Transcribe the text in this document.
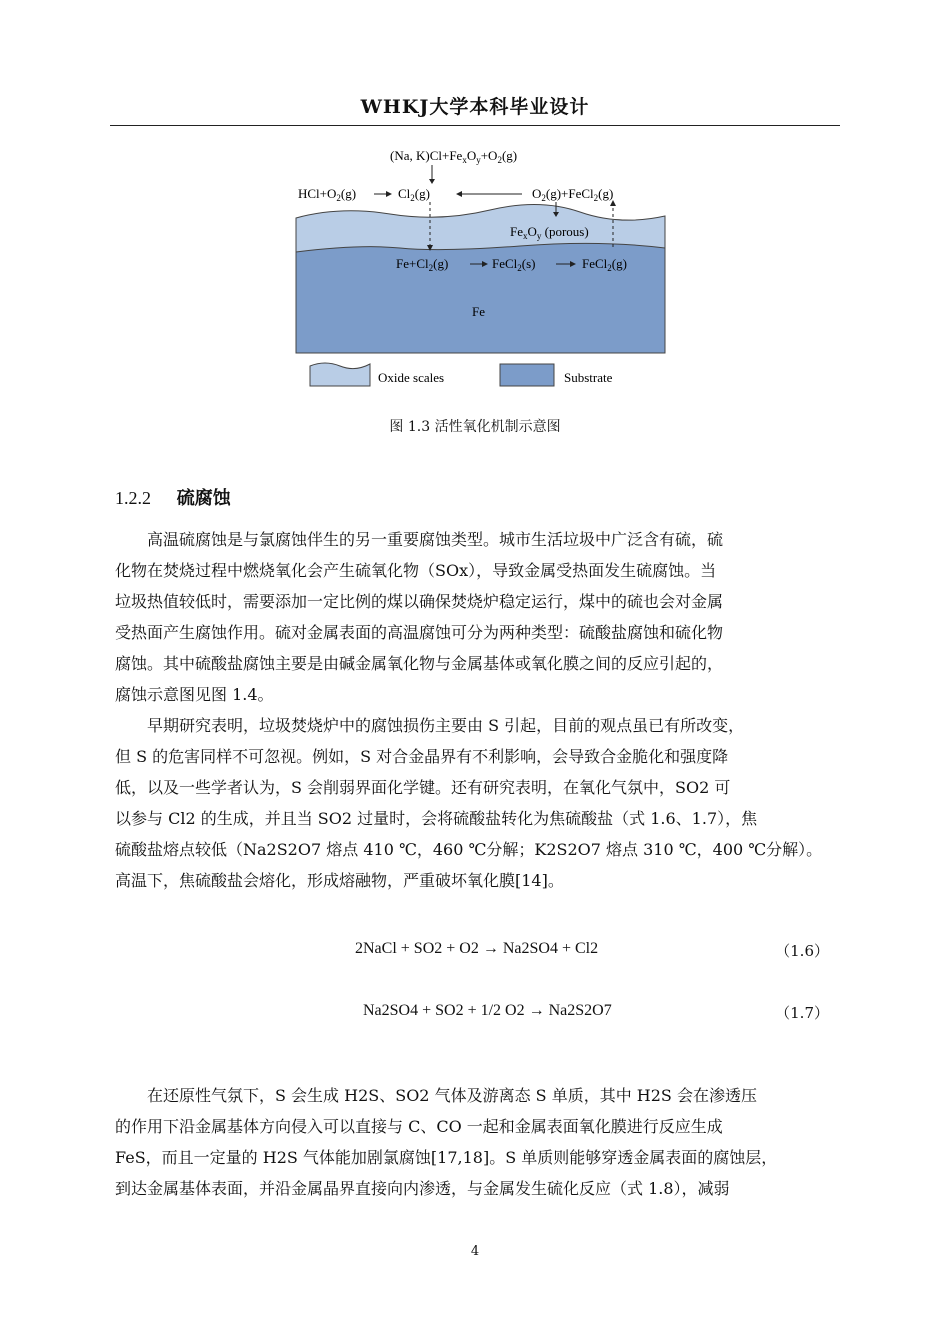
WHKJ大学本科毕业设计
(Na, $K)Cl+Fe_xO_y+O_2(g)$
$HCl+O_2(g)$	$Cl_2(g)$	$O_2(g)+FeCl_2(g)$
$Fe_xO_y$ (porous)
$Fe+Cl_2(g)$	FeCl$_2$(s)	FeCl$_2$(g)
Fe
Oxide scales	Substrate
图 1.3 活性氧化机制示意图
1.2.2 硫腐蚀
高温硫腐蚀是与氯腐蚀伴生的另一重要腐蚀类型。城市生活垃圾中广泛含有硫，硫
化物在焚烧过程中燃烧氧化会产生硫氧化物（SOx），导致金属受热面发生硫腐蚀。当
垃圾热值较低时，需要添加一定比例的煤以确保焚烧炉稳定运行，煤中的硫也会对金属
受热面产生腐蚀作用。硫对金属表面的高温腐蚀可分为两种类型：硫酸盐腐蚀和硫化物
腐蚀。其中硫酸盐腐蚀主要是由碱金属氧化物与金属基体或氧化膜之间的反应引起的，
腐蚀示意图见图 1.4。
早期研究表明，垃圾焚烧炉中的腐蚀损伤主要由 S 引起，目前的观点虽已有所改变，
但 S 的危害同样不可忽视。例如，S 对合金晶界有不利影响，会导致合金脆化和强度降
低，以及一些学者认为，S 会削弱界面化学键。还有研究表明，在氧化气氛中，SO2 可
以参与 Cl2 的生成，并且当 SO2 过量时，会将硫酸盐转化为焦硫酸盐（式 1.6、1.7），焦
硫酸盐熔点较低（Na2S2O7 熔点 410 ℃，460 ℃分解；K2S2O7 熔点 310 ℃，400 ℃分解）。
高温下，焦硫酸盐会熔化，形成熔融物，严重破坏氧化膜[14]。
2NaCl + SO2 + O2 → Na2SO4 + Cl2	（1.6）
Na2SO4 + SO2 + 1/2 O2 → Na2S2O7	（1.7）
在还原性气氛下，S 会生成 H2S、SO2 气体及游离态 S 单质，其中 H2S 会在渗透压
的作用下沿金属基体方向侵入可以直接与 C、CO 一起和金属表面氧化膜进行反应生成
FeS，而且一定量的 H2S 气体能加剧氯腐蚀[17,18]。S 单质则能够穿透金属表面的腐蚀层，
到达金属基体表面，并沿金属晶界直接向内渗透，与金属发生硫化反应（式 1.8），减弱
4
